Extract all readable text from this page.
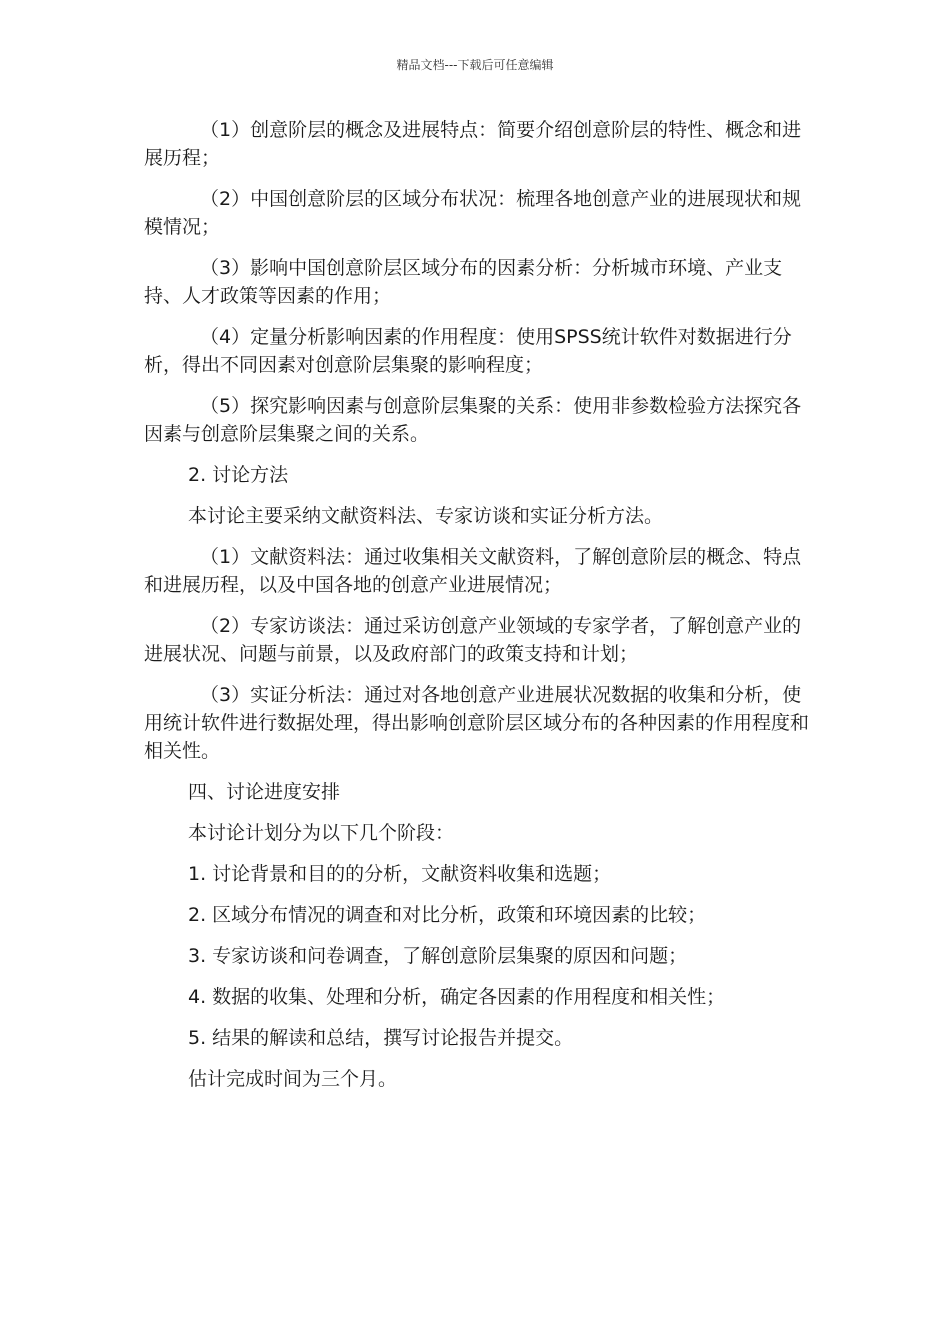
精品文档---下载后可任意编辑

（1）创意阶层的概念及进展特点：简要介绍创意阶层的特性、概念和进展历程；

（2）中国创意阶层的区域分布状况：梳理各地创意产业的进展现状和规模情况；

（3）影响中国创意阶层区域分布的因素分析：分析城市环境、产业支持、人才政策等因素的作用；

（4）定量分析影响因素的作用程度：使用SPSS统计软件对数据进行分析，得出不同因素对创意阶层集聚的影响程度；

（5）探究影响因素与创意阶层集聚的关系：使用非参数检验方法探究各因素与创意阶层集聚之间的关系。

2. 讨论方法

本讨论主要采纳文献资料法、专家访谈和实证分析方法。

（1）文献资料法：通过收集相关文献资料，了解创意阶层的概念、特点和进展历程，以及中国各地的创意产业进展情况；

（2）专家访谈法：通过采访创意产业领域的专家学者，了解创意产业的进展状况、问题与前景，以及政府部门的政策支持和计划；

（3）实证分析法：通过对各地创意产业进展状况数据的收集和分析，使用统计软件进行数据处理，得出影响创意阶层区域分布的各种因素的作用程度和相关性。

四、讨论进度安排

本讨论计划分为以下几个阶段：

1. 讨论背景和目的的分析，文献资料收集和选题；

2. 区域分布情况的调查和对比分析，政策和环境因素的比较；

3. 专家访谈和问卷调查，了解创意阶层集聚的原因和问题；

4. 数据的收集、处理和分析，确定各因素的作用程度和相关性；

5. 结果的解读和总结，撰写讨论报告并提交。

估计完成时间为三个月。
